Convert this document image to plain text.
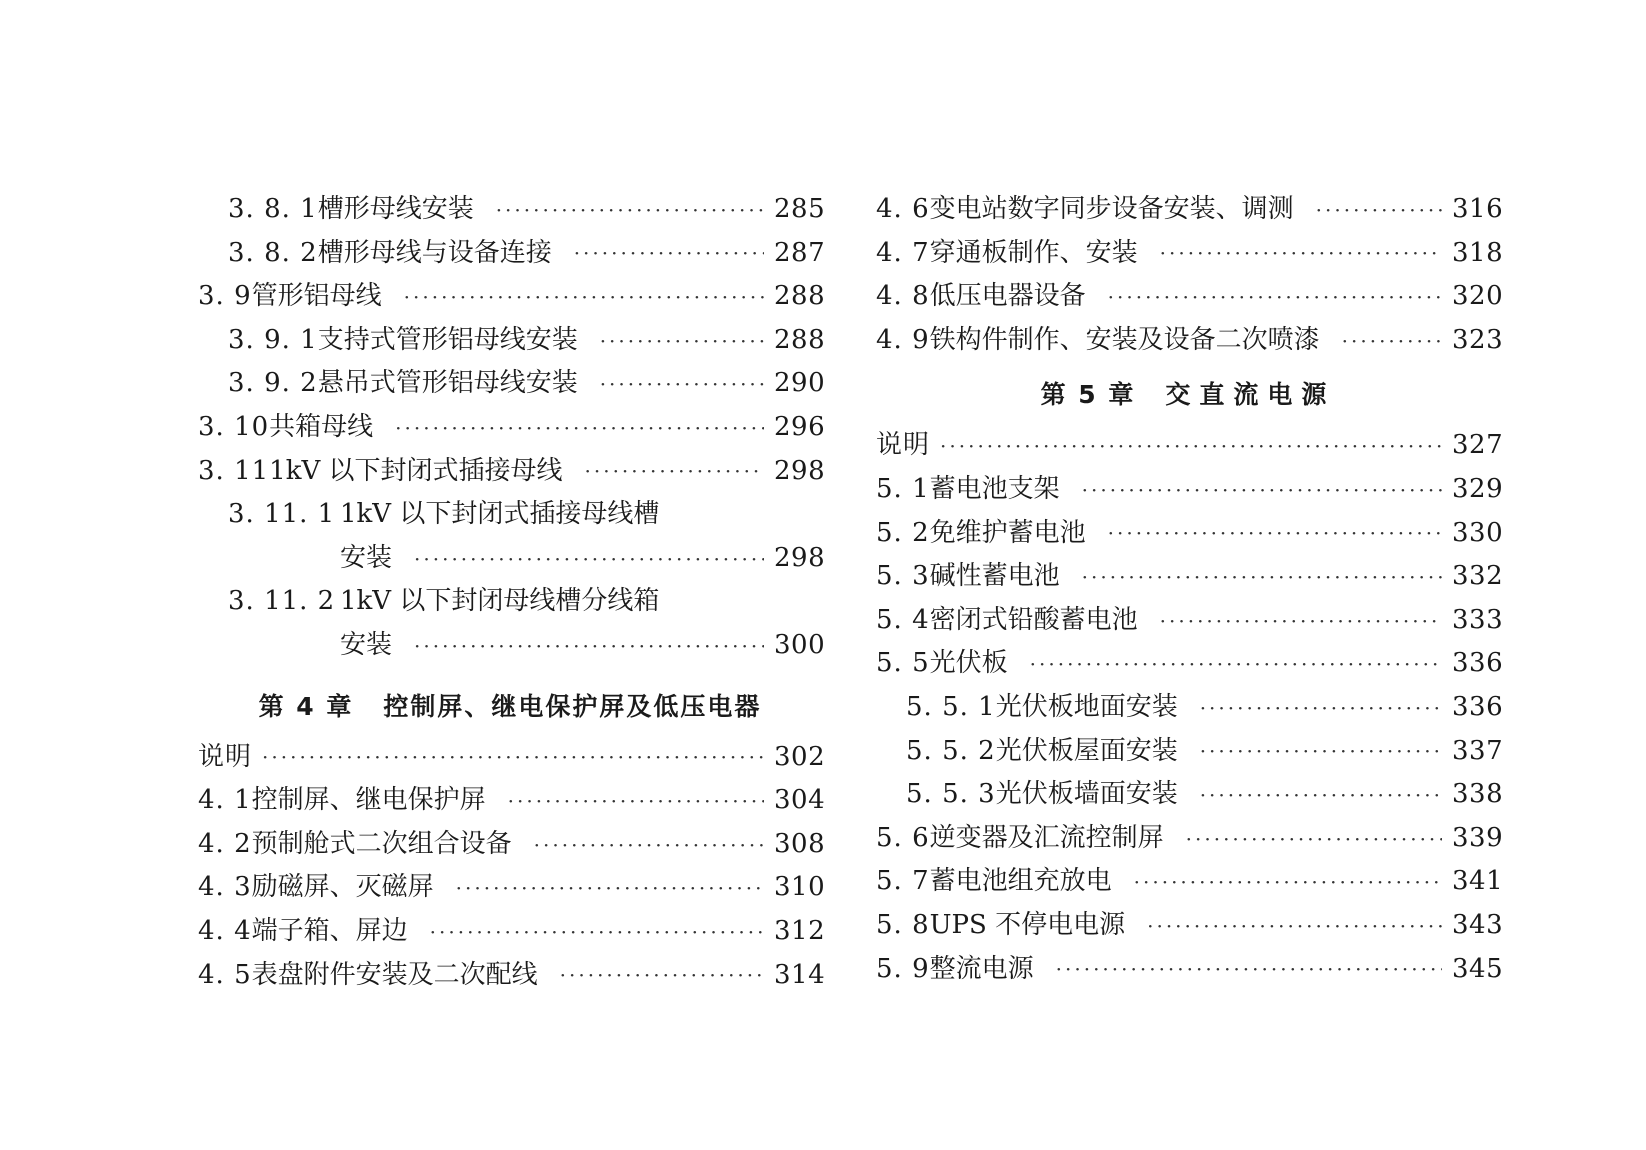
3. 8. 1 槽形母线安装 ·····	285
3. 8. 2 槽形母线与设备连接 ·····	287
3. 9 管形铝母线 ·····	288
3. 9. 1 支持式管形铝母线安装 ·····	288
3. 9. 2 悬吊式管形铝母线安装 ·····	290
3. 10 共箱母线 ·····	296
3. 11 1kV 以下封闭式插接母线 ·····	298
3. 11. 1 1kV 以下封闭式插接母线槽
安装 ·····	298
3. 11. 2 1kV 以下封闭母线槽分线箱
安装 ·····	300
第 4 章 控制屏、继电保护屏及低压电器
说明 ·····	302
4. 1 控制屏、继电保护屏 ·····	304
4. 2 预制舱式二次组合设备 ·····	308
4. 3 励磁屏、灭磁屏 ·····	310
4. 4 端子箱、屏边 ·····	312
4. 5 表盘附件安装及二次配线 ·····	314
4. 6 变电站数字同步设备安装、调测 ·····	316
4. 7 穿通板制作、安装 ·····	318
4. 8 低压电器设备 ·····	320
4. 9 铁构件制作、安装及设备二次喷漆 ·····	323
第 5 章 交直流电源
说明 ·····	327
5. 1 蓄电池支架 ·····	329
5. 2 免维护蓄电池 ·····	330
5. 3 碱性蓄电池 ·····	332
5. 4 密闭式铅酸蓄电池 ·····	333
5. 5 光伏板 ·····	336
5. 5. 1 光伏板地面安装 ·····	336
5. 5. 2 光伏板屋面安装 ·····	337
5. 5. 3 光伏板墙面安装 ·····	338
5. 6 逆变器及汇流控制屏 ·····	339
5. 7 蓄电池组充放电 ·····	341
5. 8 UPS 不停电电源 ·····	343
5. 9 整流电源 ·····	345
